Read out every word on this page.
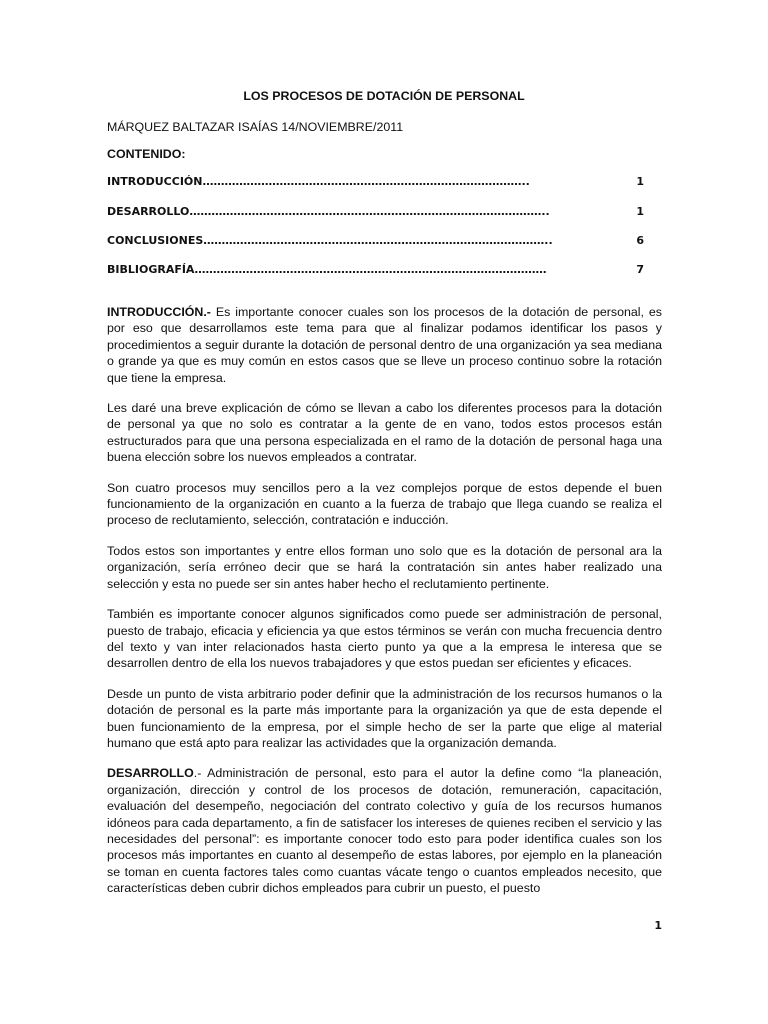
LOS PROCESOS DE DOTACIÓN DE PERSONAL
MÁRQUEZ BALTAZAR ISAÍAS 14/NOVIEMBRE/2011
CONTENIDO:
INTRODUCCIÓN……………………………………………………………………………..	1
DESARROLLO……………………………………………………………………………………..	1
CONCLUSIONES…………………………………………………………………………………..	6
BIBLIOGRAFÍA……………………………………………………………………………………	7

INTRODUCCIÓN.- Es importante conocer cuales son los procesos de la dotación de personal, es por eso que desarrollamos este tema para que al finalizar podamos identificar los pasos y procedimientos a seguir durante la dotación de personal dentro de una organización ya sea mediana o grande ya que es muy común en estos casos que se lleve un proceso continuo sobre la rotación que tiene la empresa.

Les daré una breve explicación de cómo se llevan a cabo los diferentes procesos para la dotación de personal ya que no solo es contratar a la gente de en vano, todos estos procesos están estructurados para que una persona especializada en el ramo de la dotación de personal haga una buena elección sobre los nuevos empleados a contratar.

Son cuatro procesos muy sencillos pero a la vez complejos porque de estos depende el buen funcionamiento de la organización en cuanto a la fuerza de trabajo que llega cuando se realiza el proceso de reclutamiento, selección, contratación e inducción.

Todos estos son importantes y entre ellos forman uno solo que es la dotación de personal ara la organización, sería erróneo decir que se hará la contratación sin antes haber realizado una selección y esta no puede ser sin antes haber hecho el reclutamiento pertinente.

También es importante conocer algunos significados como puede ser administración de personal, puesto de trabajo, eficacia y eficiencia ya que estos términos se verán con mucha frecuencia dentro del texto y van inter relacionados hasta cierto punto ya que a la empresa le interesa que se desarrollen dentro de ella los nuevos trabajadores y que estos puedan ser eficientes y eficaces.

Desde un punto de vista arbitrario poder definir que la administración de los recursos humanos o la dotación de personal es la parte más importante para la organización ya que de esta depende el buen funcionamiento de la empresa, por el simple hecho de ser la parte que elige al material humano que está apto para realizar las actividades que la organización demanda.

DESARROLLO.- Administración de personal, esto para el autor la define como “la planeación, organización, dirección y control de los procesos de dotación, remuneración, capacitación, evaluación del desempeño, negociación del contrato colectivo y guía de los recursos humanos idóneos para cada departamento, a fin de satisfacer los intereses de quienes reciben el servicio y las necesidades del personal”: es importante conocer todo esto para poder identifica cuales son los procesos más importantes en cuanto al desempeño de estas labores, por ejemplo en la planeación se toman en cuenta factores tales como cuantas vácate tengo o cuantos empleados necesito, que características deben cubrir dichos empleados para cubrir un puesto, el puesto

1
